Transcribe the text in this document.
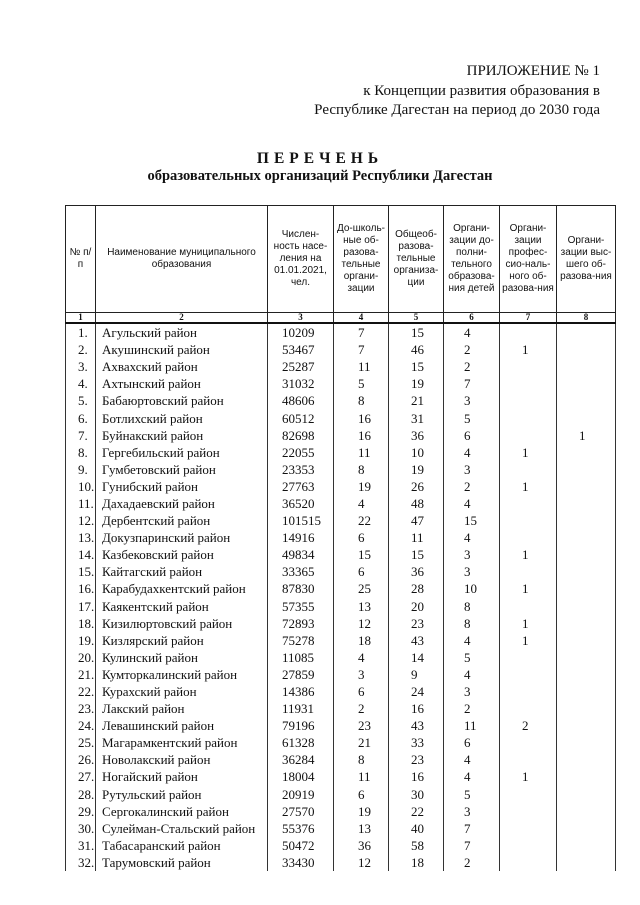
ПРИЛОЖЕНИЕ № 1
к Концепции развития образования в
Республике Дагестан на период до 2030 года
ПЕРЕЧЕНЬ
образовательных организаций Республики Дагестан
№ п/п	Наименование муниципального образования	Числен-ность насе-ления на 01.01.2021, чел.	До-школь-ные об-разова-тельные органи-зации	Общеоб-разова-тельные организа-ции	Органи-зации до-полни-тельного образова-ния детей	Органи-зации профес-сио-наль-ного об-разова-ния	Органи-зации выс-шего об-разова-ния

1	2	3	4	5	6	7	8
1.	Агульский район	10209	7	15	4		
2.	Акушинский район	53467	7	46	2	1	
3.	Ахвахский район	25287	11	15	2		
4.	Ахтынский район	31032	5	19	7		
5.	Бабаюртовский район	48606	8	21	3		
6.	Ботлихский район	60512	16	31	5		
7.	Буйнакский район	82698	16	36	6		1
8.	Гергебильский район	22055	11	10	4	1	
9.	Гумбетовский район	23353	8	19	3		
10.	Гунибский район	27763	19	26	2	1	
11.	Дахадаевский район	36520	4	48	4		
12.	Дербентский район	101515	22	47	15		
13.	Докузпаринский район	14916	6	11	4		
14.	Казбековский район	49834	15	15	3	1	
15.	Кайтагский район	33365	6	36	3		
16.	Карабудахкентский район	87830	25	28	10	1	
17.	Каякентский район	57355	13	20	8		
18.	Кизилюртовский район	72893	12	23	8	1	
19.	Кизлярский район	75278	18	43	4	1	
20.	Кулинский район	11085	4	14	5		
21.	Кумторкалинский район	27859	3	9	4		
22.	Курахский район	14386	6	24	3		
23.	Лакский район	11931	2	16	2		
24.	Левашинский район	79196	23	43	11	2	
25.	Магарамкентский район	61328	21	33	6		
26.	Новолакский район	36284	8	23	4		
27.	Ногайский район	18004	11	16	4	1	
28.	Рутульский район	20919	6	30	5		
29.	Сергокалинский район	27570	19	22	3		
30.	Сулейман-Стальский район	55376	13	40	7		
31.	Табасаранский район	50472	36	58	7		
32.	Тарумовский район	33430	12	18	2		
